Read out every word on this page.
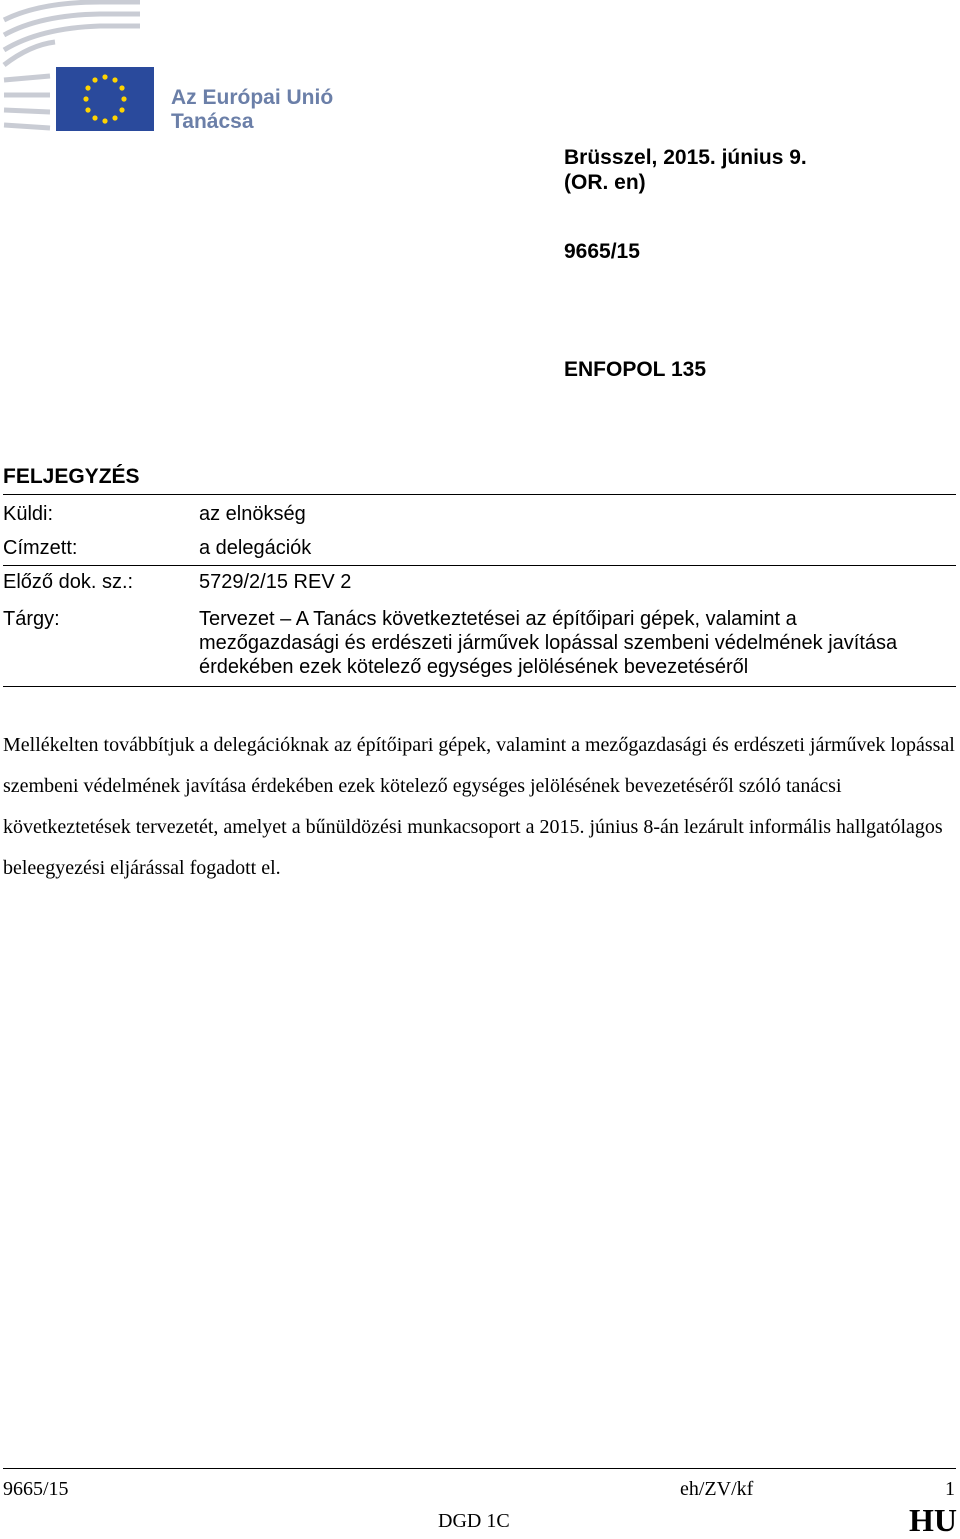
Az Európai Unió
Tanácsa
Brüsszel, 2015. június 9.
(OR. en)
9665/15
ENFOPOL 135
FELJEGYZÉS
Küldi:	az elnökség
Címzett:	a delegációk
Előző dok. sz.:	5729/2/15 REV 2
Tárgy:	Tervezet – A Tanács következtetései az építőipari gépek, valamint a mezőgazdasági és erdészeti járművek lopással szembeni védelmének javítása érdekében ezek kötelező egységes jelölésének bevezetéséről
Mellékelten továbbítjuk a delegációknak az építőipari gépek, valamint a mezőgazdasági és erdészeti járművek lopással szembeni védelmének javítása érdekében ezek kötelező egységes jelölésének bevezetéséről szóló tanácsi következtetések tervezetét, amelyet a bűnüldözési munkacsoport a 2015. június 8-án lezárult informális hallgatólagos beleegyezési eljárással fogadott el.
9665/15	eh/ZV/kf	1
DGD 1C	HU
